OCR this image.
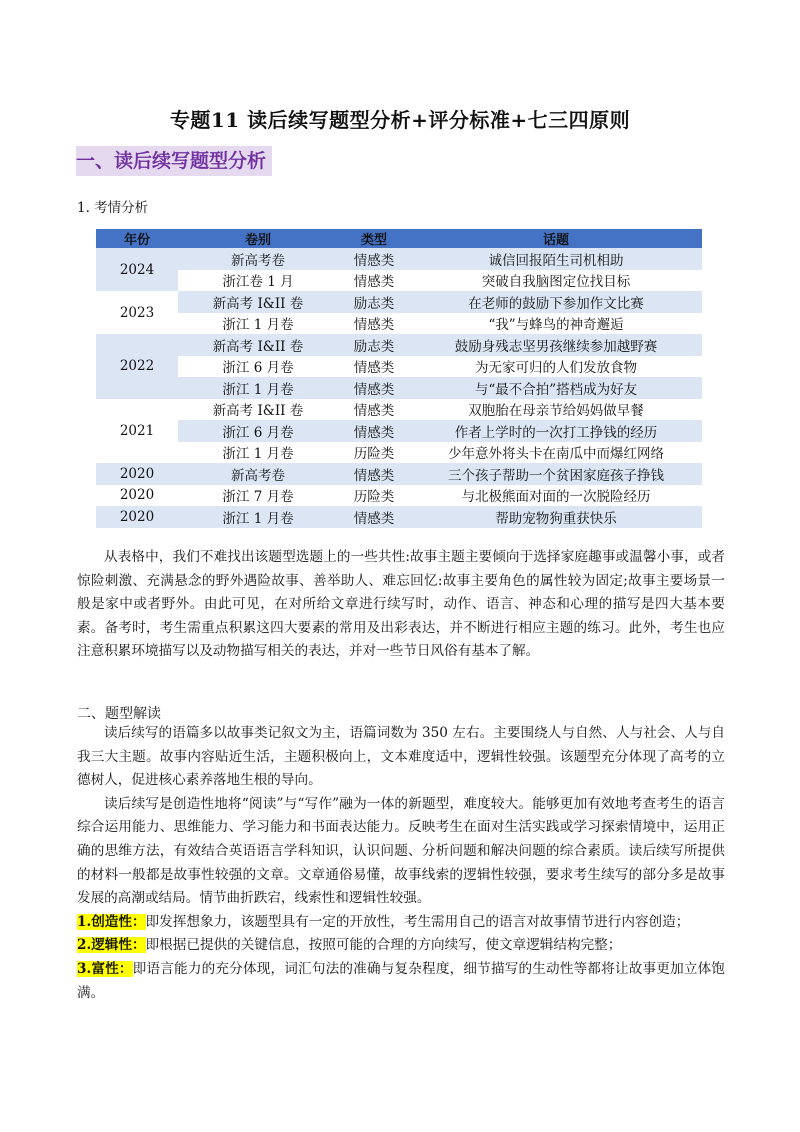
专题11 读后续写题型分析+评分标准+七三四原则
一、读后续写题型分析
1. 考情分析
年份	卷别	类型	话题
2024	新高考卷	情感类	诚信回报陌生司机相助
	浙江卷 1 月	情感类	突破自我脑图定位找目标
2023	新高考 I&II 卷	励志类	在老师的鼓励下参加作文比赛
	浙江 1 月卷	情感类	“我”与蜂鸟的神奇邂逅
2022	新高考 I&II 卷	励志类	鼓励身残志坚男孩继续参加越野赛
	浙江 6 月卷	情感类	为无家可归的人们发放食物
	浙江 1 月卷	情感类	与“最不合拍”搭档成为好友
2021	新高考 I&II 卷	情感类	双胞胎在母亲节给妈妈做早餐
	浙江 6 月卷	情感类	作者上学时的一次打工挣钱的经历
	浙江 1 月卷	历险类	少年意外将头卡在南瓜中而爆红网络
2020	新高考卷	情感类	三个孩子帮助一个贫困家庭孩子挣钱
2020	浙江 7 月卷	历险类	与北极熊面对面的一次脱险经历
2020	浙江 1 月卷	情感类	帮助宠物狗重获快乐

从表格中，我们不难找出该题型选题上的一些共性:故事主题主要倾向于选择家庭趣事或温馨小事，或者惊险刺激、充满悬念的野外遇险故事、善举助人、难忘回忆:故事主要角色的属性较为固定;故事主要场景一般是家中或者野外。由此可见，在对所给文章进行续写时，动作、语言、神态和心理的描写是四大基本要素。备考时，考生需重点积累这四大要素的常用及出彩表达，并不断进行相应主题的练习。此外，考生也应注意积累环境描写以及动物描写相关的表达，并对一些节日风俗有基本了解。

二、题型解读

读后续写的语篇多以故事类记叙文为主，语篇词数为 350 左右。主要围绕人与自然、人与社会、人与自我三大主题。故事内容贴近生活，主题积极向上，文本难度适中，逻辑性较强。该题型充分体现了高考的立德树人，促进核心素养落地生根的导向。

读后续写是创造性地将“阅读”与“写作”融为一体的新题型，难度较大。能够更加有效地考查考生的语言综合运用能力、思维能力、学习能力和书面表达能力。反映考生在面对生活实践或学习探索情境中，运用正确的思维方法，有效结合英语语言学科知识，认识问题、分析问题和解决问题的综合素质。读后续写所提供的材料一般都是故事性较强的文章。文章通俗易懂，故事线索的逻辑性较强，要求考生续写的部分多是故事发展的高潮或结局。情节曲折跌宕，线索性和逻辑性较强。

1.创造性：即发挥想象力，该题型具有一定的开放性，考生需用自己的语言对故事情节进行内容创造；

2.逻辑性：即根据已提供的关键信息，按照可能的合理的方向续写，使文章逻辑结构完整；

3.富性：即语言能力的充分体现，词汇句法的准确与复杂程度，细节描写的生动性等都将让故事更加立体饱满。
